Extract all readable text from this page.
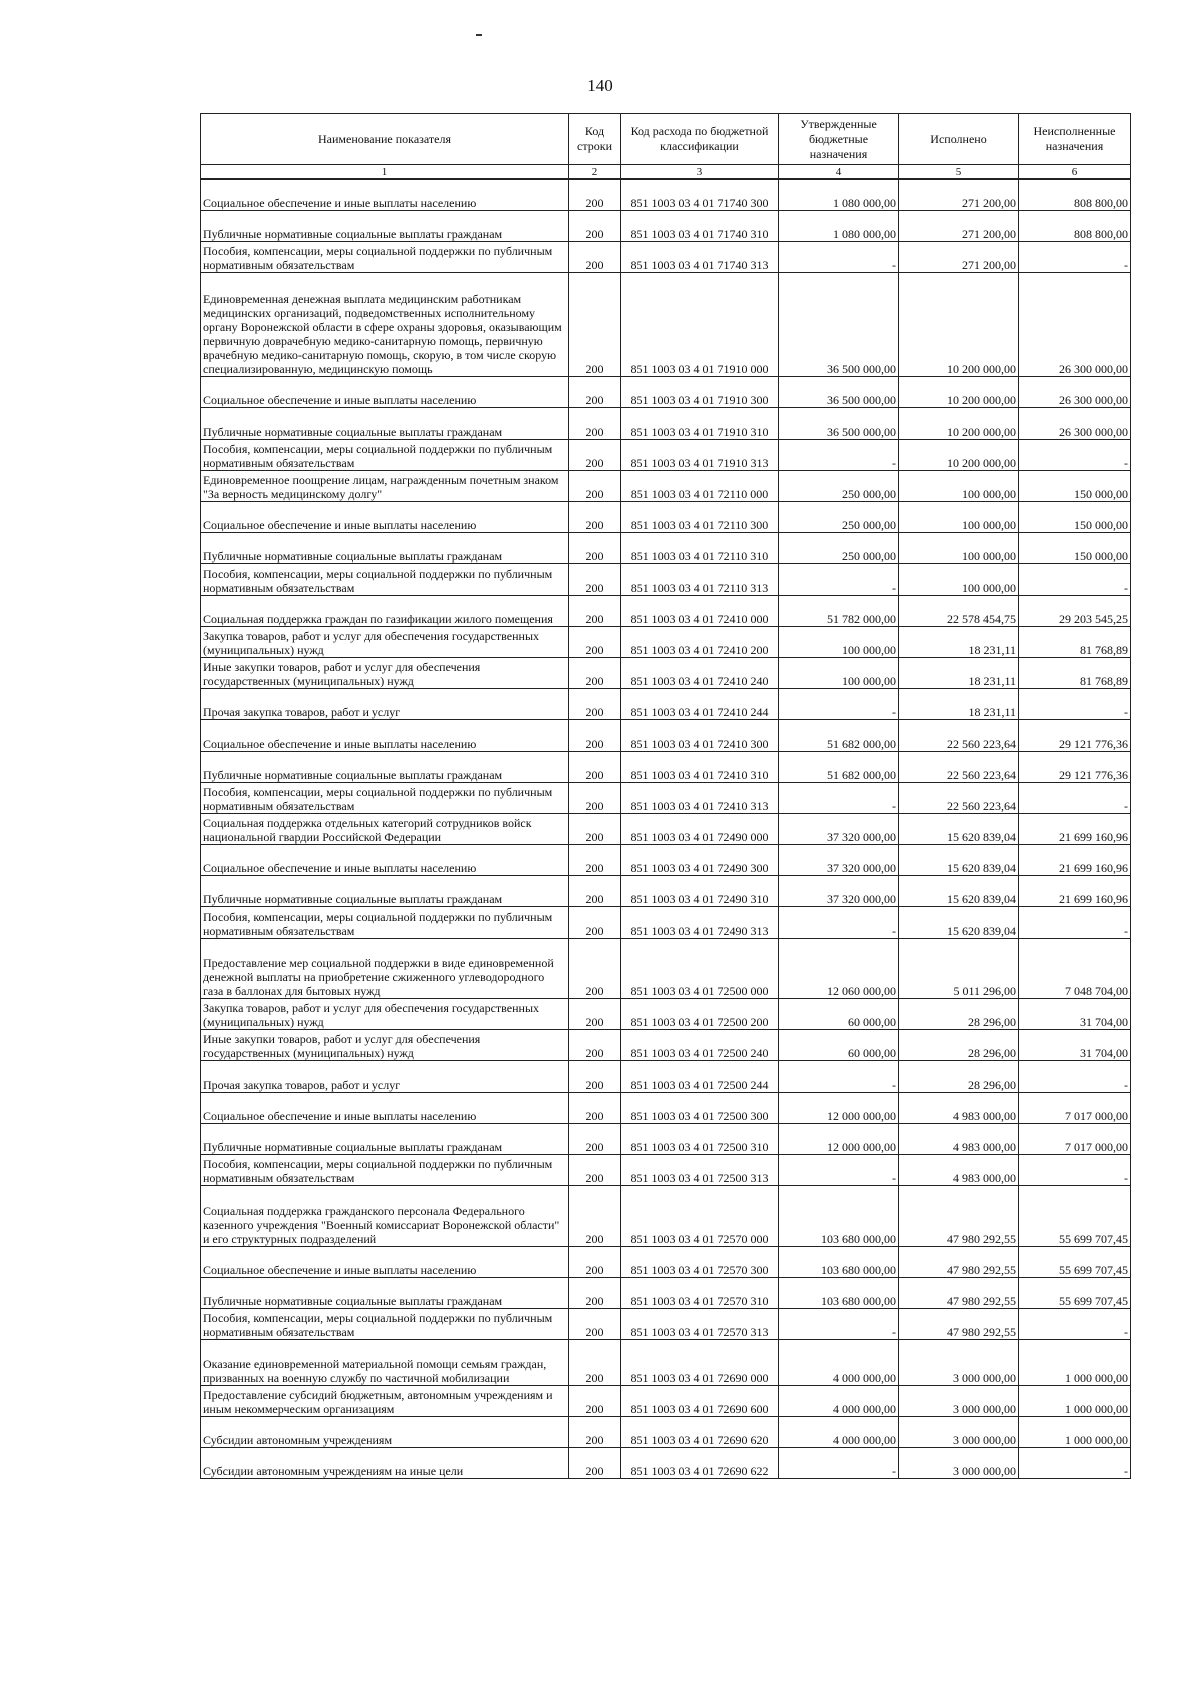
140
Наименование показателя	Код строки	Код расхода по бюджетной классификации	Утвержденные бюджетные назначения	Исполнено	Неисполненные назначения
1	2	3	4	5	6
Социальное обеспечение и иные выплаты населению	200	851 1003 03 4 01 71740 300	1 080 000,00	271 200,00	808 800,00
Публичные нормативные социальные выплаты гражданам	200	851 1003 03 4 01 71740 310	1 080 000,00	271 200,00	808 800,00
Пособия, компенсации, меры социальной поддержки по публичным нормативным обязательствам	200	851 1003 03 4 01 71740 313	-	271 200,00	-
Единовременная денежная выплата медицинским работникам медицинских организаций, подведомственных исполнительному органу Воронежской области в сфере охраны здоровья, оказывающим первичную доврачебную медико-санитарную помощь, первичную врачебную медико-санитарную помощь, скорую, в том числе скорую специализированную, медицинскую помощь	200	851 1003 03 4 01 71910 000	36 500 000,00	10 200 000,00	26 300 000,00
Социальное обеспечение и иные выплаты населению	200	851 1003 03 4 01 71910 300	36 500 000,00	10 200 000,00	26 300 000,00
Публичные нормативные социальные выплаты гражданам	200	851 1003 03 4 01 71910 310	36 500 000,00	10 200 000,00	26 300 000,00
Пособия, компенсации, меры социальной поддержки по публичным нормативным обязательствам	200	851 1003 03 4 01 71910 313	-	10 200 000,00	-
Единовременное поощрение лицам, награжденным почетным знаком "За верность медицинскому долгу"	200	851 1003 03 4 01 72110 000	250 000,00	100 000,00	150 000,00
Социальное обеспечение и иные выплаты населению	200	851 1003 03 4 01 72110 300	250 000,00	100 000,00	150 000,00
Публичные нормативные социальные выплаты гражданам	200	851 1003 03 4 01 72110 310	250 000,00	100 000,00	150 000,00
Пособия, компенсации, меры социальной поддержки по публичным нормативным обязательствам	200	851 1003 03 4 01 72110 313	-	100 000,00	-
Социальная поддержка граждан по газификации жилого помещения	200	851 1003 03 4 01 72410 000	51 782 000,00	22 578 454,75	29 203 545,25
Закупка товаров, работ и услуг для обеспечения государственных (муниципальных) нужд	200	851 1003 03 4 01 72410 200	100 000,00	18 231,11	81 768,89
Иные закупки товаров, работ и услуг для обеспечения государственных (муниципальных) нужд	200	851 1003 03 4 01 72410 240	100 000,00	18 231,11	81 768,89
Прочая закупка товаров, работ и услуг	200	851 1003 03 4 01 72410 244	-	18 231,11	-
Социальное обеспечение и иные выплаты населению	200	851 1003 03 4 01 72410 300	51 682 000,00	22 560 223,64	29 121 776,36
Публичные нормативные социальные выплаты гражданам	200	851 1003 03 4 01 72410 310	51 682 000,00	22 560 223,64	29 121 776,36
Пособия, компенсации, меры социальной поддержки по публичным нормативным обязательствам	200	851 1003 03 4 01 72410 313	-	22 560 223,64	-
Социальная поддержка отдельных категорий сотрудников войск национальной гвардии Российской Федерации	200	851 1003 03 4 01 72490 000	37 320 000,00	15 620 839,04	21 699 160,96
Социальное обеспечение и иные выплаты населению	200	851 1003 03 4 01 72490 300	37 320 000,00	15 620 839,04	21 699 160,96
Публичные нормативные социальные выплаты гражданам	200	851 1003 03 4 01 72490 310	37 320 000,00	15 620 839,04	21 699 160,96
Пособия, компенсации, меры социальной поддержки по публичным нормативным обязательствам	200	851 1003 03 4 01 72490 313	-	15 620 839,04	-
Предоставление мер социальной поддержки в виде единовременной денежной выплаты на приобретение сжиженного углеводородного газа в баллонах для бытовых нужд	200	851 1003 03 4 01 72500 000	12 060 000,00	5 011 296,00	7 048 704,00
Закупка товаров, работ и услуг для обеспечения государственных (муниципальных) нужд	200	851 1003 03 4 01 72500 200	60 000,00	28 296,00	31 704,00
Иные закупки товаров, работ и услуг для обеспечения государственных (муниципальных) нужд	200	851 1003 03 4 01 72500 240	60 000,00	28 296,00	31 704,00
Прочая закупка товаров, работ и услуг	200	851 1003 03 4 01 72500 244	-	28 296,00	-
Социальное обеспечение и иные выплаты населению	200	851 1003 03 4 01 72500 300	12 000 000,00	4 983 000,00	7 017 000,00
Публичные нормативные социальные выплаты гражданам	200	851 1003 03 4 01 72500 310	12 000 000,00	4 983 000,00	7 017 000,00
Пособия, компенсации, меры социальной поддержки по публичным нормативным обязательствам	200	851 1003 03 4 01 72500 313	-	4 983 000,00	-
Социальная поддержка гражданского персонала Федерального казенного учреждения "Военный комиссариат Воронежской области" и его структурных подразделений	200	851 1003 03 4 01 72570 000	103 680 000,00	47 980 292,55	55 699 707,45
Социальное обеспечение и иные выплаты населению	200	851 1003 03 4 01 72570 300	103 680 000,00	47 980 292,55	55 699 707,45
Публичные нормативные социальные выплаты гражданам	200	851 1003 03 4 01 72570 310	103 680 000,00	47 980 292,55	55 699 707,45
Пособия, компенсации, меры социальной поддержки по публичным нормативным обязательствам	200	851 1003 03 4 01 72570 313	-	47 980 292,55	-
Оказание единовременной материальной помощи семьям граждан, призванных на военную службу по частичной мобилизации	200	851 1003 03 4 01 72690 000	4 000 000,00	3 000 000,00	1 000 000,00
Предоставление субсидий бюджетным, автономным учреждениям и иным некоммерческим организациям	200	851 1003 03 4 01 72690 600	4 000 000,00	3 000 000,00	1 000 000,00
Субсидии автономным учреждениям	200	851 1003 03 4 01 72690 620	4 000 000,00	3 000 000,00	1 000 000,00
Субсидии автономным учреждениям на иные цели	200	851 1003 03 4 01 72690 622	-	3 000 000,00	-
